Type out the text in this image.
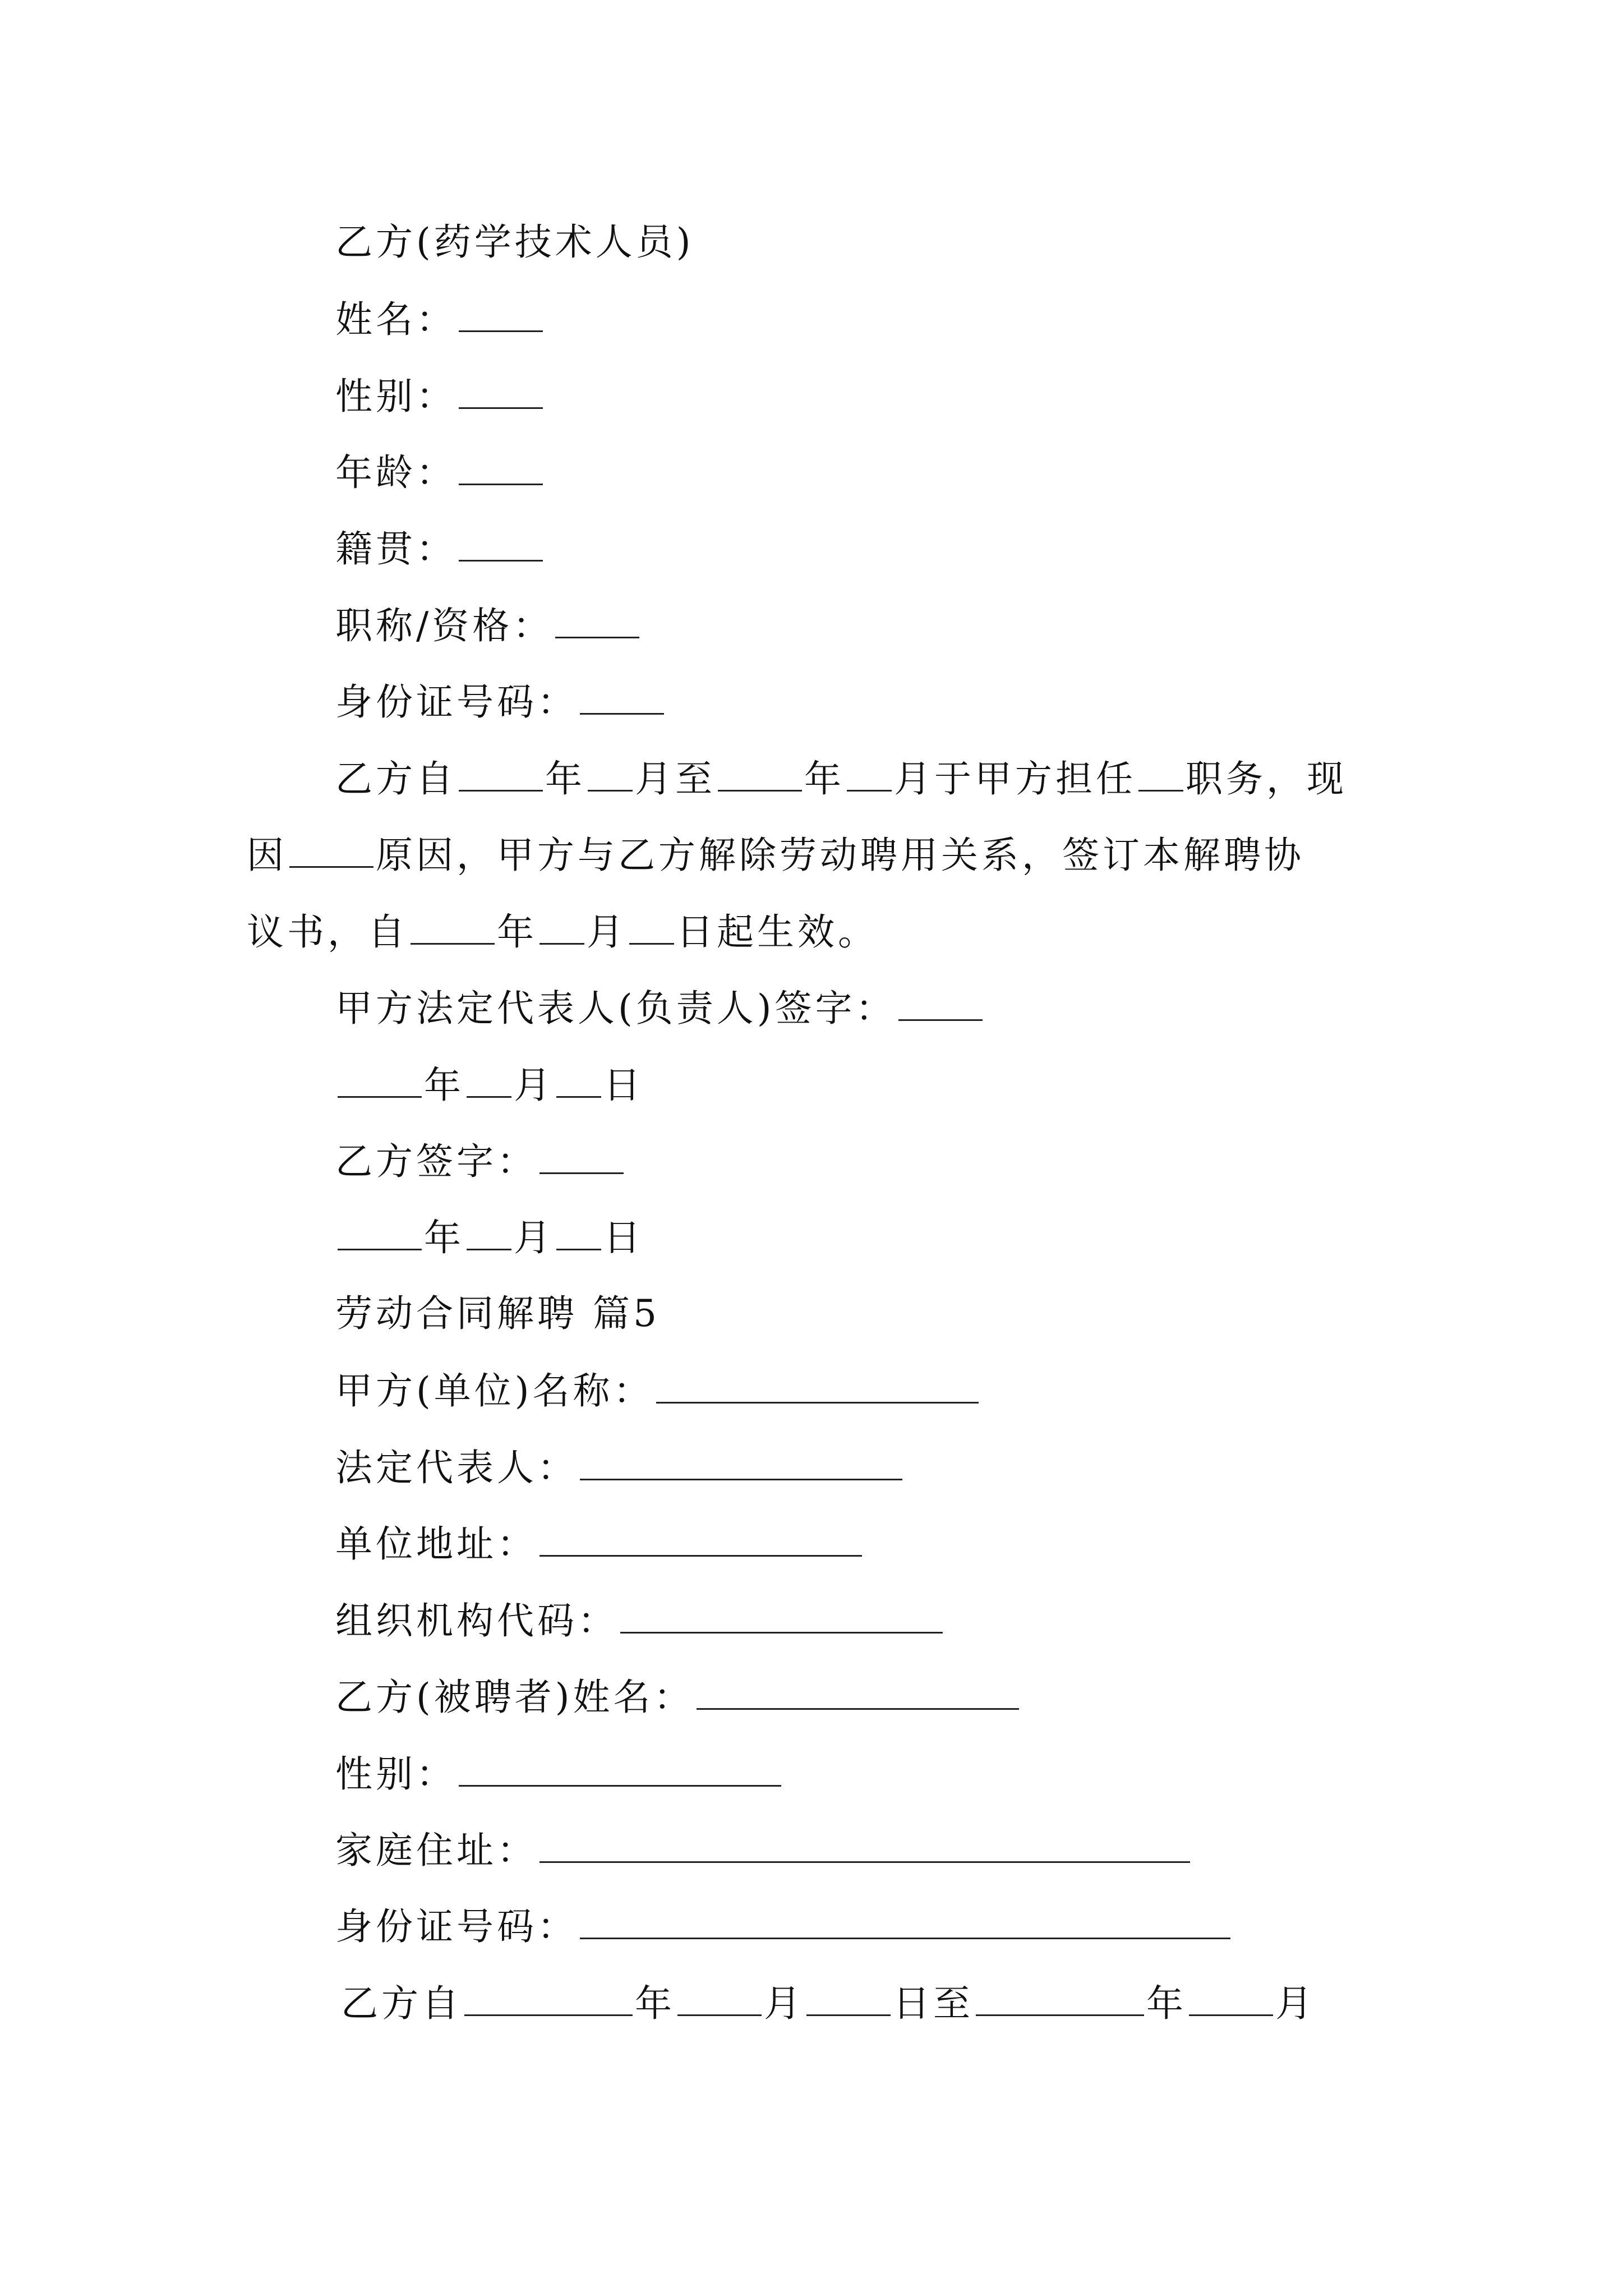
乙方(药学技术人员)
姓名：
性别：
年龄：
籍贯：
职称/资格：
身份证号码：
乙方自 年 月至 年 月于甲方担任 职务，现
因 原因，甲方与乙方解除劳动聘用关系，签订本解聘协
议书，自 年 月 日起生效。
甲方法定代表人(负责人)签字：
年 月 日
乙方签字：
年 月 日
劳动合同解聘 篇5
甲方(单位)名称：
法定代表人：
单位地址：
组织机构代码：
乙方(被聘者)姓名：
性别：
家庭住址：
身份证号码：
乙方自	年 月 日至	年 月
